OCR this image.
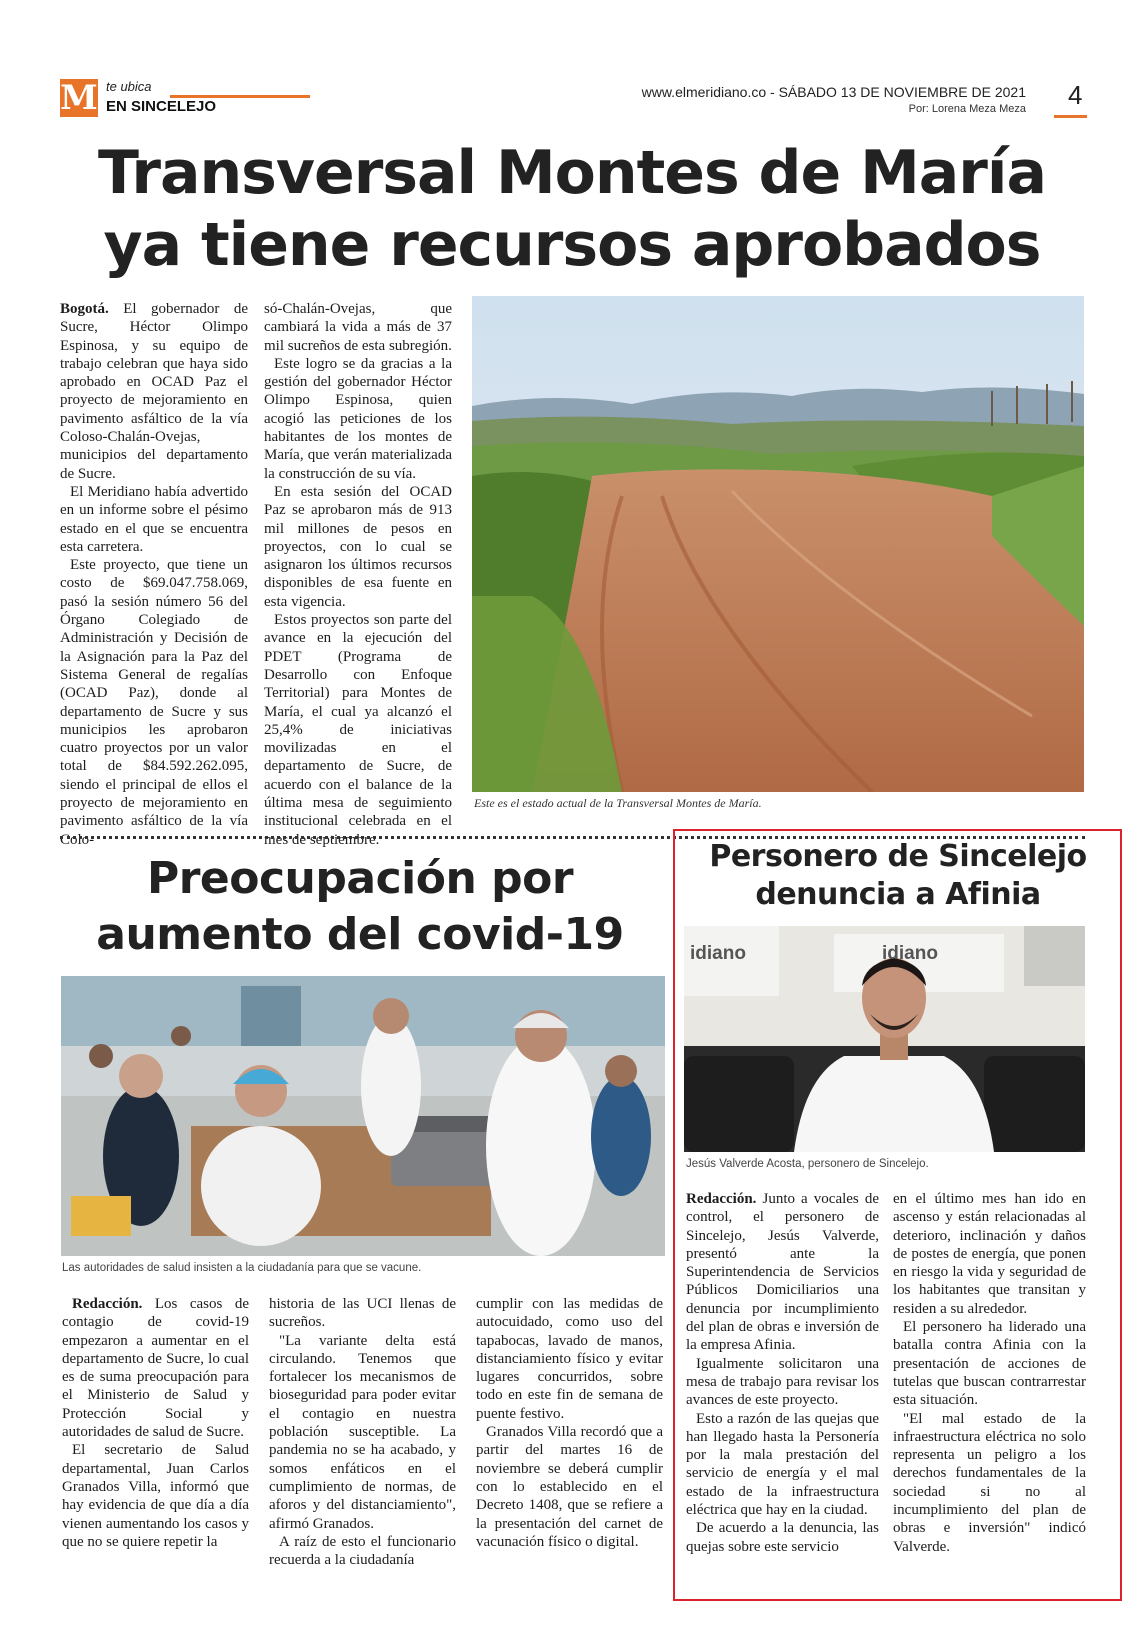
M te ubica
EN SINCELEJO
www.elmeridiano.co - SÁBADO 13 DE NOVIEMBRE DE 2021
Por: Lorena Meza Meza 4
Transversal Montes de María
ya tiene recursos aprobados

Bogotá. El gobernador de Sucre, Héctor Olimpo Espinosa, y su equipo de trabajo celebran que haya sido aprobado en OCAD Paz el proyecto de mejoramiento en pavimento asfáltico de la vía Coloso-Chalán-Ovejas, municipios del departamento de Sucre.

El Meridiano había advertido en un informe sobre el pésimo estado en el que se encuentra esta carretera.

Este proyecto, que tiene un costo de $69.047.758.069, pasó la sesión número 56 del Órgano Colegiado de Administración y Decisión de la Asignación para la Paz del Sistema General de regalías (OCAD Paz), donde al departamento de Sucre y sus municipios les aprobaron cuatro proyectos por un valor total de $84.592.262.095, siendo el principal de ellos el proyecto de mejoramiento en pavimento asfáltico de la vía Colo-

só-Chalán-Ovejas, que cambiará la vida a más de 37 mil sucreños de esta subregión.

Este logro se da gracias a la gestión del gobernador Héctor Olimpo Espinosa, quien acogió las peticiones de los habitantes de los montes de María, que verán materializada la construcción de su vía.

En esta sesión del OCAD Paz se aprobaron más de 913 mil millones de pesos en proyectos, con lo cual se asignaron los últimos recursos disponibles de esa fuente en esta vigencia.

Estos proyectos son parte del avance en la ejecución del PDET (Programa de Desarrollo con Enfoque Territorial) para Montes de María, el cual ya alcanzó el 25,4% de iniciativas movilizadas en el departamento de Sucre, de acuerdo con el balance de la última mesa de seguimiento institucional celebrada en el mes de septiembre.

Este es el estado actual de la Transversal Montes de María.
Preocupación por
aumento del covid-19
Las autoridades de salud insisten a la ciudadanía para que se vacune.

Redacción. Los casos de contagio de covid-19 empezaron a aumentar en el departamento de Sucre, lo cual es de suma preocupación para el Ministerio de Salud y Protección Social y autoridades de salud de Sucre.

El secretario de Salud departamental, Juan Carlos Granados Villa, informó que hay evidencia de que día a día vienen aumentando los casos y que no se quiere repetir la

historia de las UCI llenas de sucreños.

"La variante delta está circulando. Tenemos que fortalecer los mecanismos de bioseguridad para poder evitar el contagio en nuestra población susceptible. La pandemia no se ha acabado, y somos enfáticos en el cumplimiento de normas, de aforos y del distanciamiento", afirmó Granados.

A raíz de esto el funcionario recuerda a la ciudadanía

cumplir con las medidas de autocuidado, como uso del tapabocas, lavado de manos, distanciamiento físico y evitar lugares concurridos, sobre todo en este fin de semana de puente festivo.

Granados Villa recordó que a partir del martes 16 de noviembre se deberá cumplir con lo establecido en el Decreto 1408, que se refiere a la presentación del carnet de vacunación físico o digital.

Personero de Sincelejo
denuncia a Afinia
idiano	idiano
Jesús Valverde Acosta, personero de Sincelejo.

Redacción. Junto a vocales de control, el personero de Sincelejo, Jesús Valverde, presentó ante la Superintendencia de Servicios Públicos Domiciliarios una denuncia por incumplimiento del plan de obras e inversión de la empresa Afinia.

Igualmente solicitaron una mesa de trabajo para revisar los avances de este proyecto.

Esto a razón de las quejas que han llegado hasta la Personería por la mala prestación del servicio de energía y el mal estado de la infraestructura eléctrica que hay en la ciudad.

De acuerdo a la denuncia, las quejas sobre este servicio

en el último mes han ido en ascenso y están relacionadas al deterioro, inclinación y daños de postes de energía, que ponen en riesgo la vida y seguridad de los habitantes que transitan y residen a su alrededor.

El personero ha liderado una batalla contra Afinia con la presentación de acciones de tutelas que buscan contrarrestar esta situación.

"El mal estado de la infraestructura eléctrica no solo representa un peligro a los derechos fundamentales de la sociedad si no al incumplimiento del plan de obras e inversión" indicó Valverde.
